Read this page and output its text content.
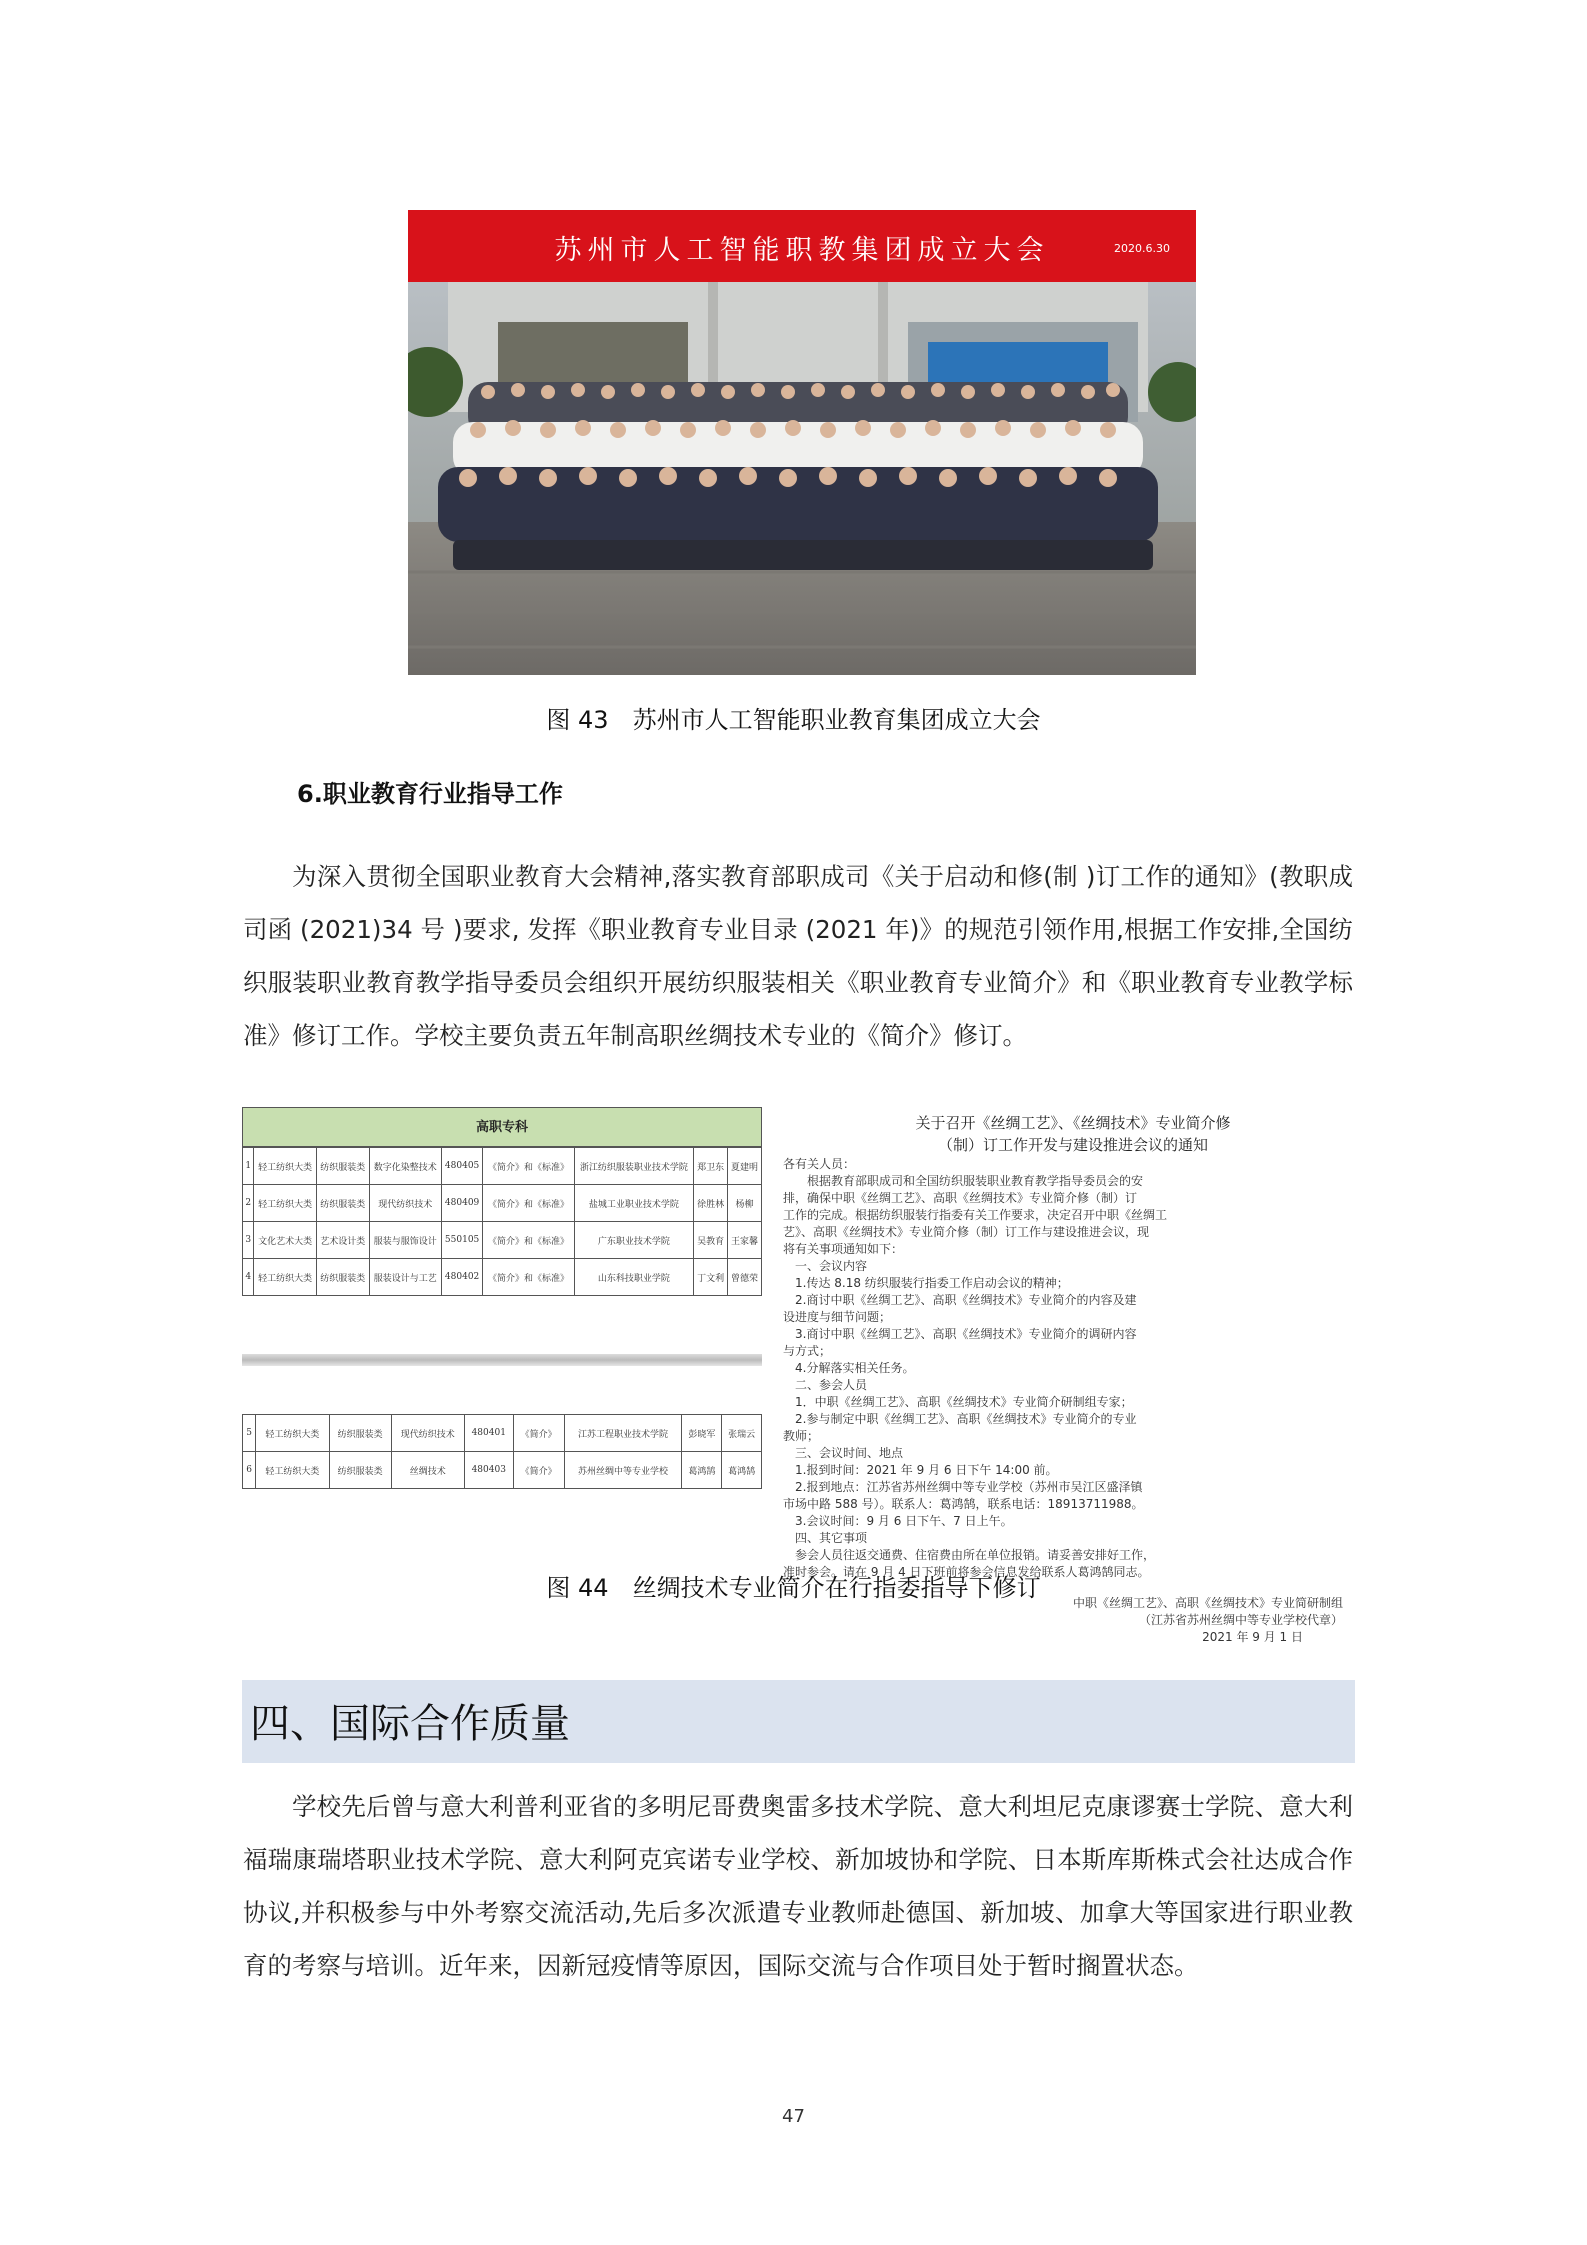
苏州市人工智能职教集团成立大会	2020.6.30
图 43　苏州市人工智能职业教育集团成立大会
6.职业教育行业指导工作

为深入贯彻全国职业教育大会精神,落实教育部职成司《关于启动和修(制 )订工作的通知》(教职成司函 (2021)34 号 )要求, 发挥《职业教育专业目录 (2021 年)》的规范引领作用,根据工作安排,全国纺织服装职业教育教学指导委员会组织开展纺织服装相关《职业教育专业简介》和《职业教育专业教学标准》修订工作。学校主要负责五年制高职丝绸技术专业的《简介》修订。

高职专科
1	轻工纺织大类	纺织服装类	数字化染整技术	480405	《简介》和《标准》	浙江纺织服装职业技术学院	郑卫东	夏建明
2	轻工纺织大类	纺织服装类	现代纺织技术	480409	《简介》和《标准》	盐城工业职业技术学院	徐胜林	杨柳
3	文化艺术大类	艺术设计类	服装与服饰设计	550105	《简介》和《标准》	广东职业技术学院	吴教育	王家馨
4	轻工纺织大类	纺织服装类	服装设计与工艺	480402	《简介》和《标准》	山东科技职业学院	丁文利	曾德荣
5	轻工纺织大类	纺织服装类	现代纺织技术	480401	《简介》	江苏工程职业技术学院	彭晓军	张瑞云
6	轻工纺织大类	纺织服装类	丝绸技术	480403	《简介》	苏州丝绸中等专业学校	葛鸿鹄	葛鸿鹄
关于召开《丝绸工艺》、《丝绸技术》专业简介修
（制）订工作开发与建设推进会议的通知
各有关人员：
　　根据教育部职成司和全国纺织服装职业教育教学指导委员会的安
排，确保中职《丝绸工艺》、高职《丝绸技术》专业简介修（制）订
工作的完成。根据纺织服装行指委有关工作要求，决定召开中职《丝绸工
艺》、高职《丝绸技术》专业简介修（制）订工作与建设推进会议，现
将有关事项通知如下：
　一、会议内容
　1.传达 8.18 纺织服装行指委工作启动会议的精神；
　2.商讨中职《丝绸工艺》、高职《丝绸技术》专业简介的内容及建
设进度与细节问题；
　3.商讨中职《丝绸工艺》、高职《丝绸技术》专业简介的调研内容
与方式；
　4.分解落实相关任务。
　二、参会人员
　1．中职《丝绸工艺》、高职《丝绸技术》专业简介研制组专家；
　2.参与制定中职《丝绸工艺》、高职《丝绸技术》专业简介的专业
教师；
　三、会议时间、地点
　1.报到时间：2021 年 9 月 6 日下午 14:00 前。
　2.报到地点：江苏省苏州丝绸中等专业学校（苏州市吴江区盛泽镇
市场中路 588 号）。联系人：葛鸿鹄，联系电话：18913711988。
　3.会议时间：9 月 6 日下午、7 日上午。
　四、其它事项
　参会人员往返交通费、住宿费由所在单位报销。请妥善安排好工作，
准时参会。请在 9 月 4 日下班前将参会信息发给联系人葛鸿鹄同志。
中职《丝绸工艺》、高职《丝绸技术》专业简研制组
（江苏省苏州丝绸中等专业学校代章）
2021 年 9 月 1 日
图 44　丝绸技术专业简介在行指委指导下修订
四、国际合作质量

学校先后曾与意大利普利亚省的多明尼哥费奥雷多技术学院、意大利坦尼克康谬赛士学院、意大利福瑞康瑞塔职业技术学院、意大利阿克宾诺专业学校、新加坡协和学院、日本斯库斯株式会社达成合作协议,并积极参与中外考察交流活动,先后多次派遣专业教师赴德国、新加坡、加拿大等国家进行职业教育的考察与培训。近年来，因新冠疫情等原因，国际交流与合作项目处于暂时搁置状态。

47
